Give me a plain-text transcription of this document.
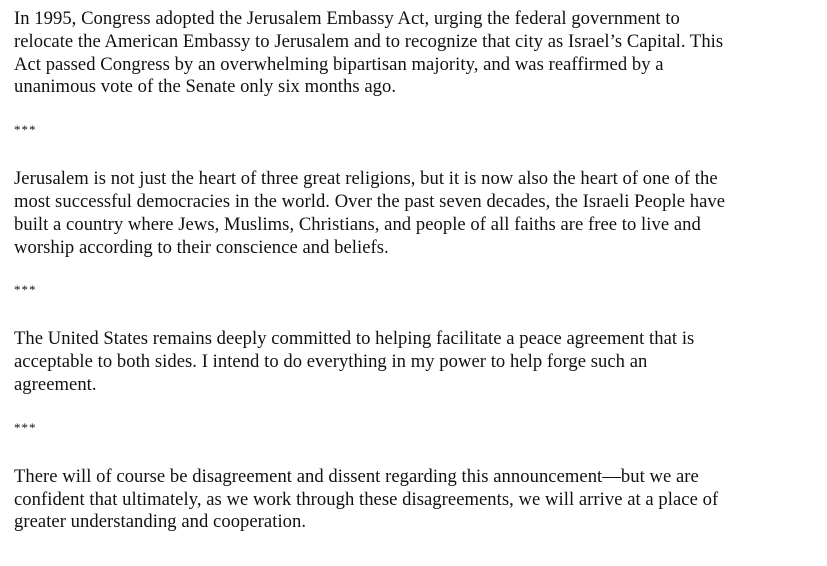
In 1995, Congress adopted the Jerusalem Embassy Act, urging the federal government to
relocate the American Embassy to Jerusalem and to recognize that city as Israel’s Capital. This
Act passed Congress by an overwhelming bipartisan majority, and was reaffirmed by a
unanimous vote of the Senate only six months ago.

***

Jerusalem is not just the heart of three great religions, but it is now also the heart of one of the
most successful democracies in the world. Over the past seven decades, the Israeli People have
built a country where Jews, Muslims, Christians, and people of all faiths are free to live and
worship according to their conscience and beliefs.

***

The United States remains deeply committed to helping facilitate a peace agreement that is
acceptable to both sides. I intend to do everything in my power to help forge such an
agreement.

***

There will of course be disagreement and dissent regarding this announcement—but we are
confident that ultimately, as we work through these disagreements, we will arrive at a place of
greater understanding and cooperation.
